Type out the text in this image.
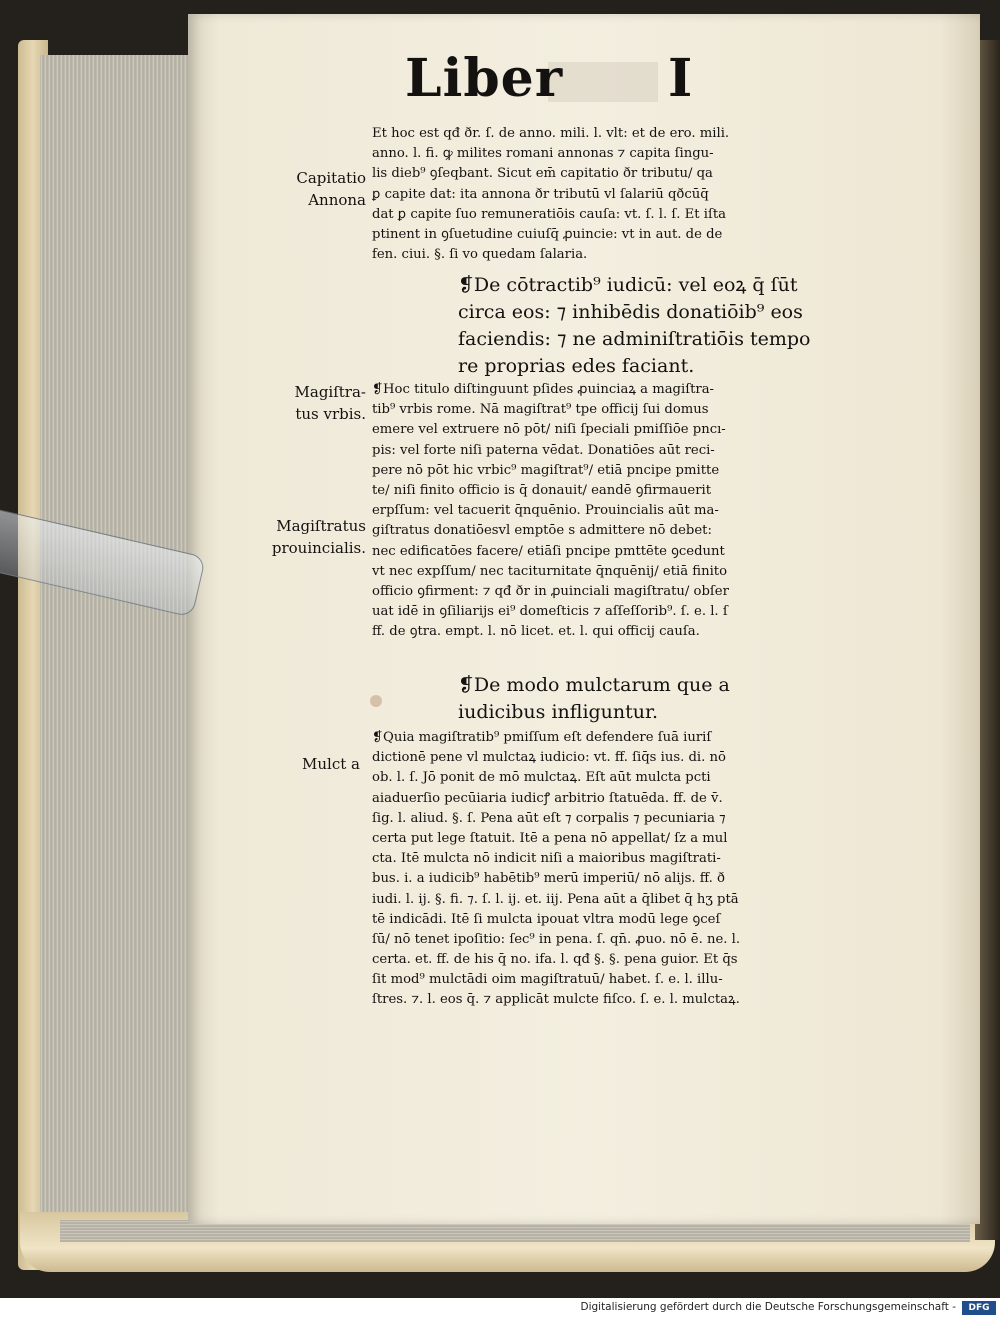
Liber I
Capitatio
Annona
Magiſtra-
tus vrbis.
Magiſtratus
prouincialis.
Mulct a
Et hoc est qđ ðr. ſ. de anno. mili. l. vlt: et de ero. mili.
anno. l. fi. ꝙ milites romani annonas ⁊ capita ſingu-
lis dieb⁹ ꝯſeqbant. Sicut em̄ capitatio ðr tributu/ qa
ꝑ capite dat: ita annona ðr tributū vl ſalariū qðcūq̄
dat ꝑ capite ſuo remuneratiōis cauſa: vt. ſ. l. ſ. Et iſta
ptinent in ꝯſuetudine cuiuſq̄ ꝓuincie: vt in aut. de de
fen. ciui. §. ſi vo quedam ſalaria.
❡De cōtractib⁹ iudicū: vel eoꝝ q̄ ſūt
circa eos: ⁊ inhibēdis donatiōib⁹ eos
faciendis: ⁊ ne adminiſtratiōis tempo
re proprias edes faciant.
❡Hoc titulo diſtinguunt pſides ꝓuinciaꝝ a magiſtra-
tib⁹ vrbis rome. Nā magiſtrat⁹ tpe officij ſui domus
emere vel extruere nō pōt/ niſi ſpeciali pmiſſiōe pncı-
pis: vel forte niſi paterna vēdat. Donatiōes aūt reci-
pere nō pōt hic vrbic⁹ magiſtrat⁹/ etiā pncipe pmitte
te/ niſi finito officio is q̄ donauit/ eandē ꝯfirmauerit
erpſſum: vel tacuerit q̄nquēnio. Prouincialis aūt ma-
giſtratus donatiōesvl emptōe s admittere nō debet:
nec edificatōes facere/ etiāſi pncipe pmttēte ꝯcedunt
vt nec expſſum/ nec taciturnitate q̄nquēnij/ etiā finito
officio ꝯfirment: ⁊ qđ ðr in ꝓuinciali magiſtratu/ obſer
uat idē in ꝯſiliarijs ei⁹ domeſticis ⁊ aſſeſſorib⁹. ſ. e. l. ſ
ff. de ꝯtra. empt. l. nō licet. et. l. qui officij cauſa.
❡De modo mulctarum que a
iudicibus infliguntur.
❡Quia magiſtratib⁹ pmiſſum eſt defendere ſuā iuriſ
dictionē pene vl mulctaꝝ iudicio: vt. ff. ſiq̄s ius. di. nō
ob. l. ſ. Jō ponit de mō mulctaꝝ. Eſt aūt mulcta pcti
aiaduerſio pecūiaria iudicꝭ arbitrio ſtatuēda. ff. de v̄.
ſig. l. aliud. §. ſ. Pena aūt eſt ⁊ corpalis ⁊ pecuniaria ⁊
certa put lege ſtatuit. Itē a pena nō appellat/ ſz a mul
cta. Itē mulcta nō indicit niſi a maioribus magiſtrati-
bus. i. a iudicib⁹ habētib⁹ merū imperiū/ nō alijs. ff. ð
iudi. l. ij. §. fi. ⁊. ſ. l. ij. et. iij. Pena aūt a q̄libet q̄ hʒ ptā
tē indicādi. Itē ſi mulcta ipouat vltra modū lege ꝯceſ
ſū/ nō tenet ipoſitio: ſec⁹ in pena. ſ. qn̄. ꝓuo. nō ē. ne. l.
certa. et. ff. de his q̄ no. ifa. l. qđ §. §. pena guior. Et q̄s
ſit mod⁹ mulctādi oim magiſtratuū/ habet. ſ. e. l. illu-
ſtres. ⁊. l. eos q̄. ⁊ applicāt mulcte fiſco. ſ. e. l. mulctaꝝ.
Digitalisierung gefördert durch die Deutsche Forschungsgemeinschaft -	DFG
